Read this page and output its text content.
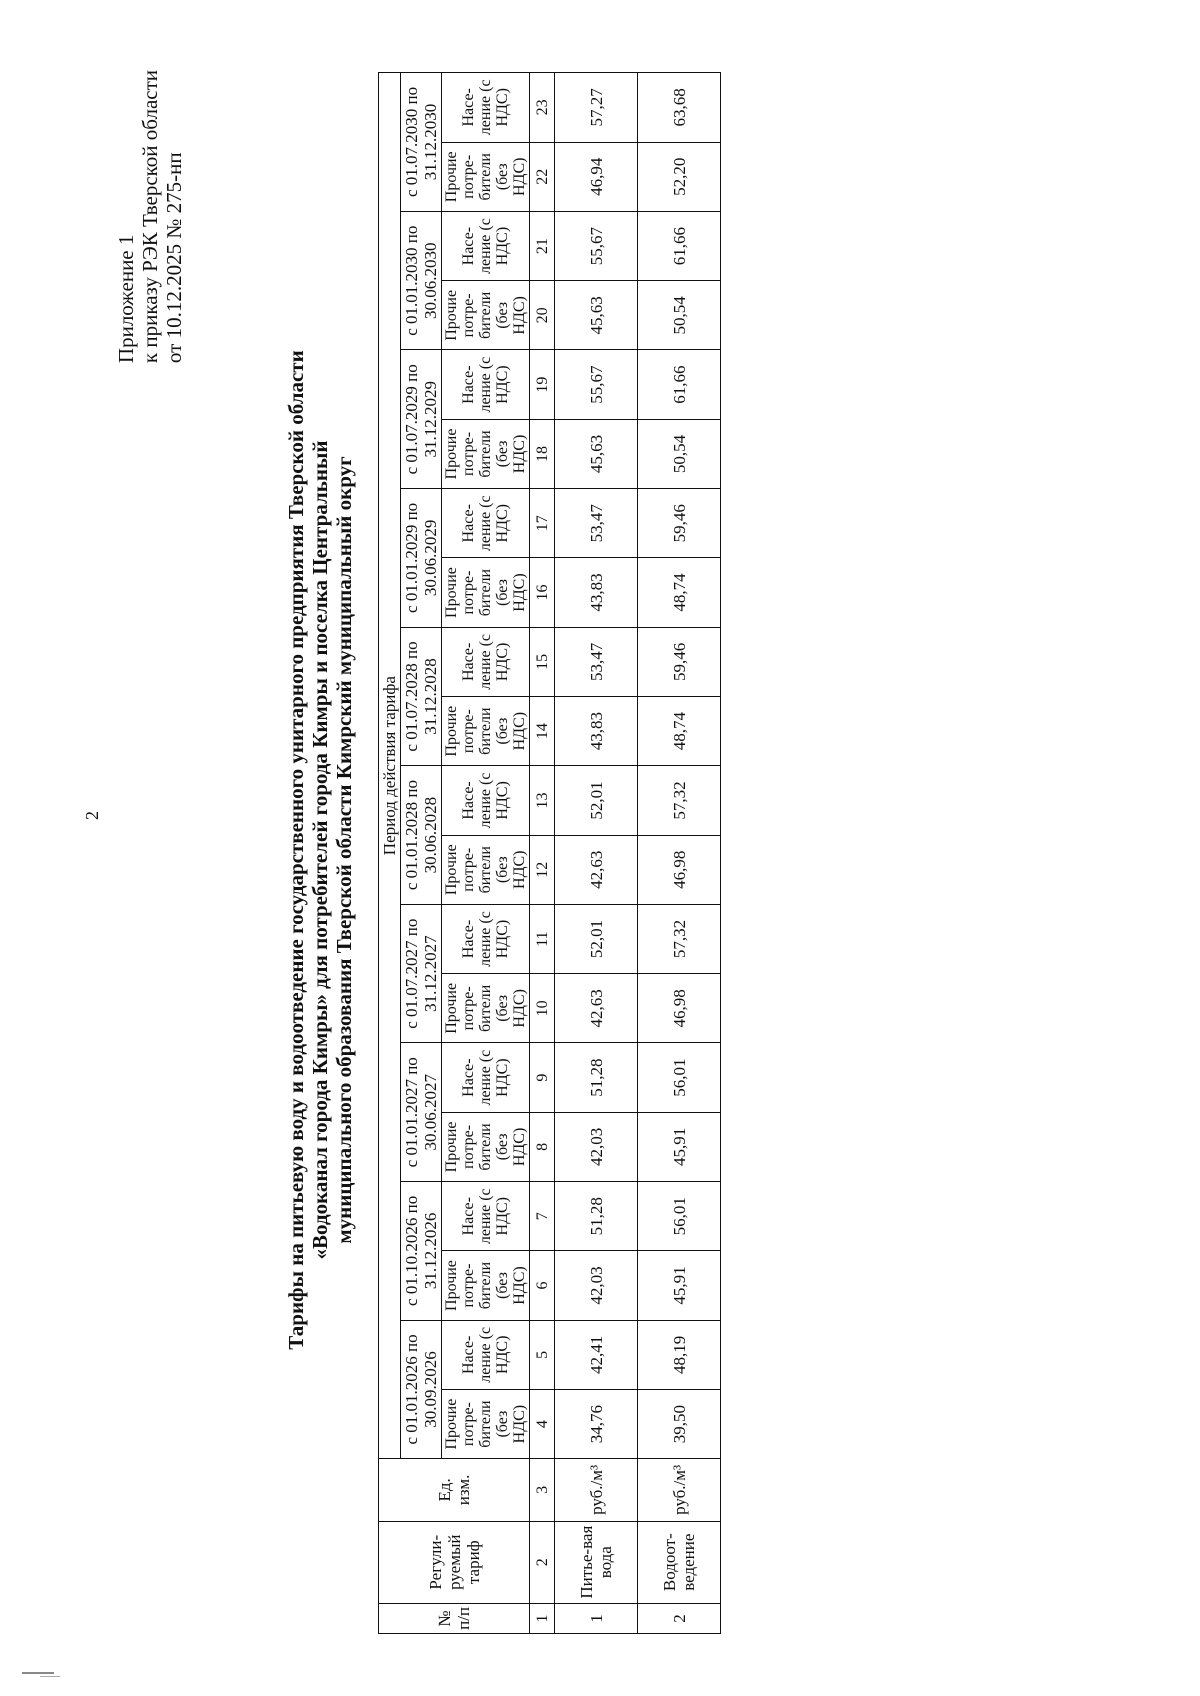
2
Приложение 1 к приказу РЭК Тверской области от 10.12.2025 № 275-нп
Тарифы на питьевую воду и водоотведение государственного унитарного предприятия Тверской области «Водоканал города Кимры» для потребителей города Кимры и поселка Центральный муниципального образования Тверской области Кимрский муниципальный округ
№ п/п	Регули-руемый тариф	Ед. изм.	Период действия тарифа																			
			с 01.01.2026 по 30.09.2026		с 01.10.2026 по 31.12.2026		с 01.01.2027 по 30.06.2027		с 01.07.2027 по 31.12.2027		с 01.01.2028 по 30.06.2028		с 01.07.2028 по 31.12.2028		с 01.01.2029 по 30.06.2029		с 01.07.2029 по 31.12.2029		с 01.01.2030 по 30.06.2030		с 01.07.2030 по 31.12.2030	
			Прочие потре-бители (без НДС)	Насе-ление (с НДС)	Прочие потре-бители (без НДС)	Насе-ление (с НДС)	Прочие потре-бители (без НДС)	Насе-ление (с НДС)	Прочие потре-бители (без НДС)	Насе-ление (с НДС)	Прочие потре-бители (без НДС)	Насе-ление (с НДС)	Прочие потре-бители (без НДС)	Насе-ление (с НДС)	Прочие потре-бители (без НДС)	Насе-ление (с НДС)	Прочие потре-бители (без НДС)	Насе-ление (с НДС)	Прочие потре-бители (без НДС)	Насе-ление (с НДС)	Прочие потре-бители (без НДС)	Насе-ление (с НДС)
1	2	3	4	5	6	7	8	9	10	11	12	13	14	15	16	17	18	19	20	21	22	23
1	Питье-вая вода	руб./м³	34,76	42,41	42,03	51,28	42,03	51,28	42,63	52,01	42,63	52,01	43,83	53,47	43,83	53,47	45,63	55,67	45,63	55,67	46,94	57,27
2	Водоот-ведение	руб./м³	39,50	48,19	45,91	56,01	45,91	56,01	46,98	57,32	46,98	57,32	48,74	59,46	48,74	59,46	50,54	61,66	50,54	61,66	52,20	63,68
